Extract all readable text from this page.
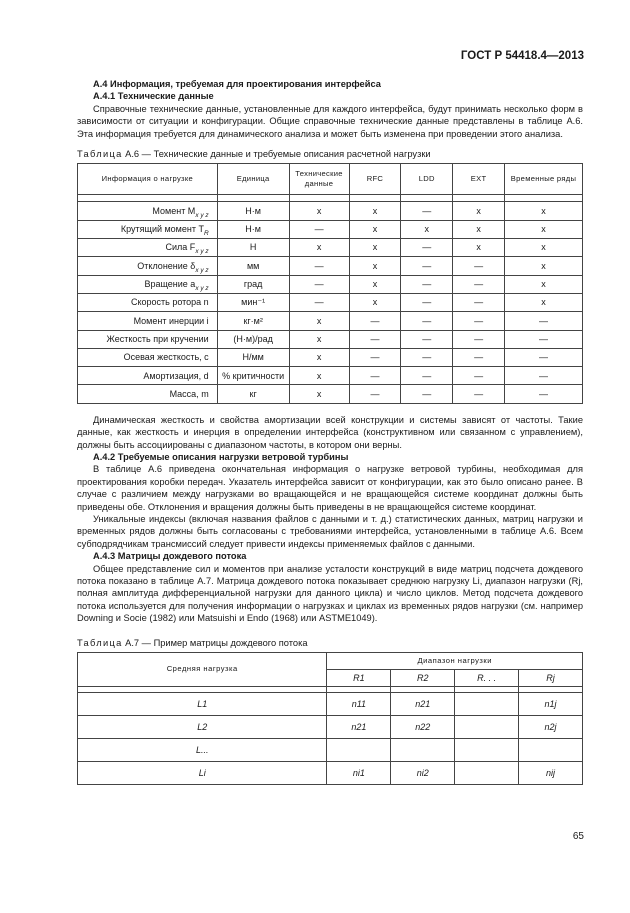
ГОСТ Р 54418.4—2013

А.4 Информация, требуемая для проектирования интерфейса

А.4.1 Технические данные

Справочные технические данные, установленные для каждого интерфейса, будут принимать несколько форм в зависимости от ситуации и конфигурации. Общие справочные технические данные представлены в таблице А.6. Эта информация требуется для динамического анализа и может быть изменена при проведении этого анализа.

Таблица А.6 — Технические данные и требуемые описания расчетной нагрузки

Информация о нагрузке	Единица	Технические данные	RFC	LDD	EXT	Временные ряды

Момент $M_{x y z}$	Н·м	x	x	—	x	x
Крутящий момент $T_R$	Н·м	—	x	x	x	x
Сила $F_{x y z}$	Н	x	x	—	x	x
Отклонение $\delta_{x y z}$	мм	—	x	—	—	x
Вращение $a_{x y z}$	град	—	x	—	—	x
Скорость ротора n	мин⁻¹	—	x	—	—	x
Момент инерции i	кг·м²	x	—	—	—	—
Жесткость при кручении	(Н·м)/рад	x	—	—	—	—
Осевая жесткость, c	Н/мм	x	—	—	—	—
Амортизация, d	% критичности	x	—	—	—	—
Масса, m	кг	x	—	—	—	—

Динамическая жесткость и свойства амортизации всей конструкции и системы зависят от частоты. Такие данные, как жесткость и инерция в определении интерфейса (конструктивном или связанном с управлением), должны быть ассоциированы с диапазоном частоты, в котором они верны.

А.4.2 Требуемые описания нагрузки ветровой турбины

В таблице А.6 приведена окончательная информация о нагрузке ветровой турбины, необходимая для проектирования коробки передач. Указатель интерфейса зависит от конфигурации, как это было описано ранее. В случае с различием между нагрузками во вращающейся и не вращающейся системе координат должны быть приведены обе. Отклонения и вращения должны быть приведены в не вращающейся системе координат.

Уникальные индексы (включая названия файлов с данными и т. д.) статистических данных, матриц нагрузки и временных рядов должны быть согласованы с требованиями интерфейса, установленными в таблице А.6. Всем субподрядчикам трансмиссий следует привести индексы применяемых файлов с данными.

А.4.3 Матрицы дождевого потока

Общее представление сил и моментов при анализе усталости конструкций в виде матриц подсчета дождевого потока показано в таблице А.7. Матрица дождевого потока показывает среднюю нагрузку Li, диапазон нагрузки (Rj, полная амплитуда дифференциальной нагрузки для данного цикла) и число циклов. Метод подсчета дождевого потока используется для получения информации о нагрузках и циклах из временных рядов нагрузки (см. например Downing и Socie (1982) или Matsuishi и Endo (1968) или ASTME1049).

Таблица А.7 — Пример матрицы дождевого потока

Средняя нагрузка	Диапазон нагрузки			
	R1	R2	R. . .	Rj

L1	n11	n21		n1j
L2	n21	n22		n2j
L...				
Li	ni1	ni2		nij
65
